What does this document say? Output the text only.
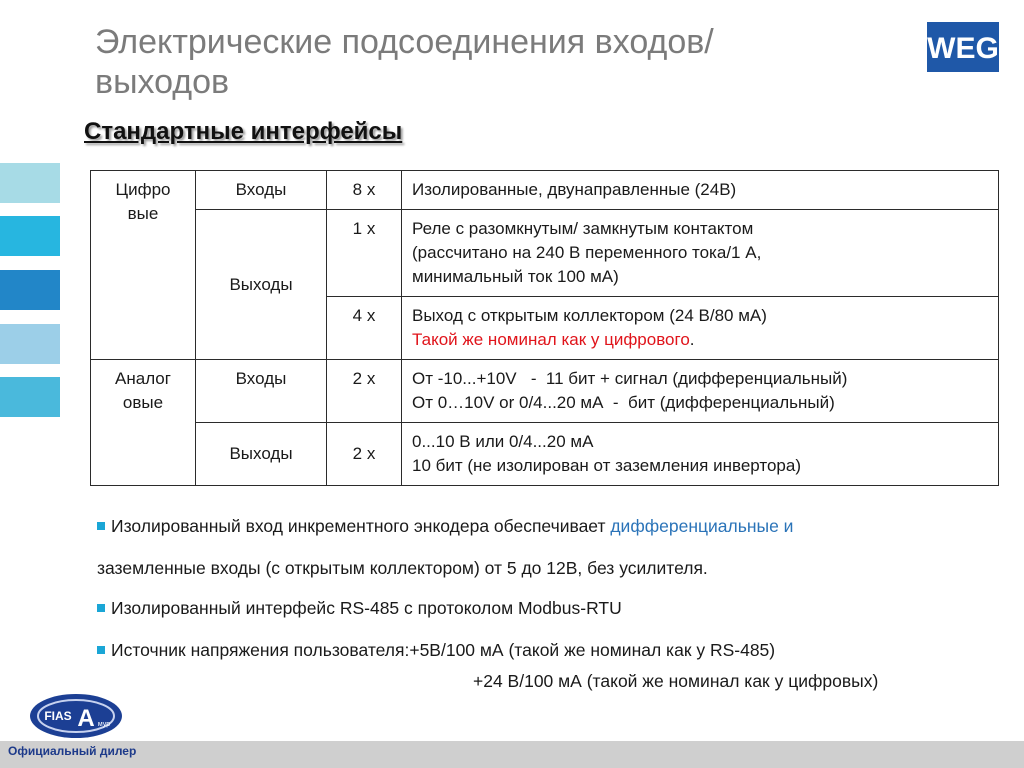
Электрические подсоединения входов/ выходов
WEG
Стандартные интерфейсы
Цифро вые	Входы	8 x	Изолированные, двунаправленные (24В)

	Выходы	1 x	Реле с разомкнутым/ замкнутым контактом
(рассчитано на 240 В переменного тока/1 А,
минимальный ток 100 мА)

		4 x	Выход с открытым коллектором (24 В/80 мА)
Такой же номинал как у цифрового.

Аналог овые	Входы	2 x	От -10...+10V   -  11 бит + сигнал (дифференциальный)
От 0…10V or 0/4...20 мА  -  бит (дифференциальный)

	Выходы	2 x	0...10 В или 0/4...20 мА
10 бит (не изолирован от заземления инвертора)
Изолированный вход инкрементного энкодера обеспечивает дифференциальные и
заземленные входы (с открытым коллектором) от 5 до 12В, без усилителя.
Изолированный интерфейс RS-485 с протоколом Modbus-RTU
Источник напряжения пользователя:+5В/100 мА (такой же номинал как у RS-485)
+24 В/100 мА (такой же номинал как у цифровых)
FIAS A мур
Официальный дилер
